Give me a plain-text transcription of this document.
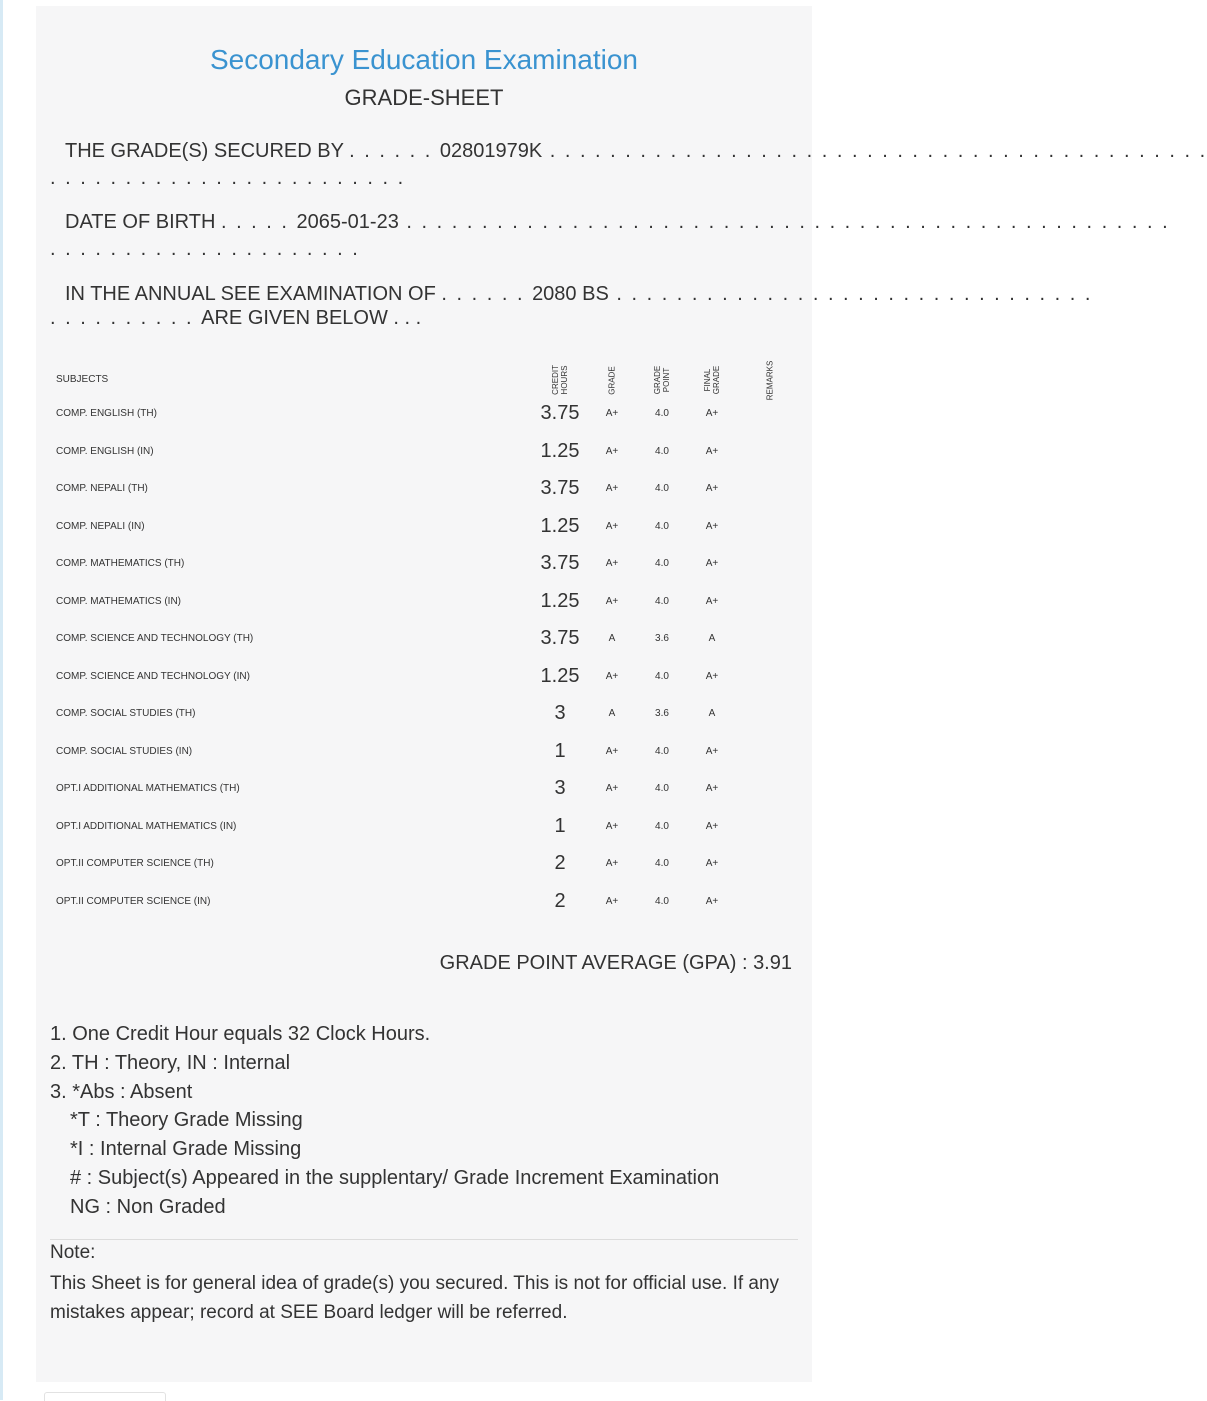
Secondary Education Examination
GRADE-SHEET
THE GRADE(S) SECURED BY . . . . . . 02801979K . . . . . . . . . . . . . . . . . . . . . . . . . . . . . . . . . . . . . . . . . . . .
. . . . . . . . . . . . . . . . . . . . . . . .
DATE OF BIRTH . . . . . 2065-01-23 . . . . . . . . . . . . . . . . . . . . . . . . . . . . . . . . . . . . . . . . . . . . . . . . . . .
. . . . . . . . . . . . . . . . . . . . .
IN THE ANNUAL SEE EXAMINATION OF . . . . . . 2080 BS . . . . . . . . . . . . . . . . . . . . . . . . . . . . . . . .
. . . . . . . . . . ARE GIVEN BELOW . . .
SUBJECTS	CREDIT HOURS	GRADE	GRADE POINT	FINAL GRADE	REMARKS
COMP. ENGLISH (TH)	3.75	A+	4.0	A+
COMP. ENGLISH (IN)	1.25	A+	4.0	A+
COMP. NEPALI (TH)	3.75	A+	4.0	A+
COMP. NEPALI (IN)	1.25	A+	4.0	A+
COMP. MATHEMATICS (TH)	3.75	A+	4.0	A+
COMP. MATHEMATICS (IN)	1.25	A+	4.0	A+
COMP. SCIENCE AND TECHNOLOGY (TH)	3.75	A	3.6	A
COMP. SCIENCE AND TECHNOLOGY (IN)	1.25	A+	4.0	A+
COMP. SOCIAL STUDIES (TH)	3	A	3.6	A
COMP. SOCIAL STUDIES (IN)	1	A+	4.0	A+
OPT.I ADDITIONAL MATHEMATICS (TH)	3	A+	4.0	A+
OPT.I ADDITIONAL MATHEMATICS (IN)	1	A+	4.0	A+
OPT.II COMPUTER SCIENCE (TH)	2	A+	4.0	A+
OPT.II COMPUTER SCIENCE (IN)	2	A+	4.0	A+
GRADE POINT AVERAGE (GPA) : 3.91
1. One Credit Hour equals 32 Clock Hours.
2. TH : Theory, IN : Internal
3. *Abs : Absent
*T : Theory Grade Missing
*I : Internal Grade Missing
# : Subject(s) Appeared in the supplentary/ Grade Increment Examination
NG : Non Graded
Note:
This Sheet is for general idea of grade(s) you secured. This is not for official use. If any mistakes appear; record at SEE Board ledger will be referred.
